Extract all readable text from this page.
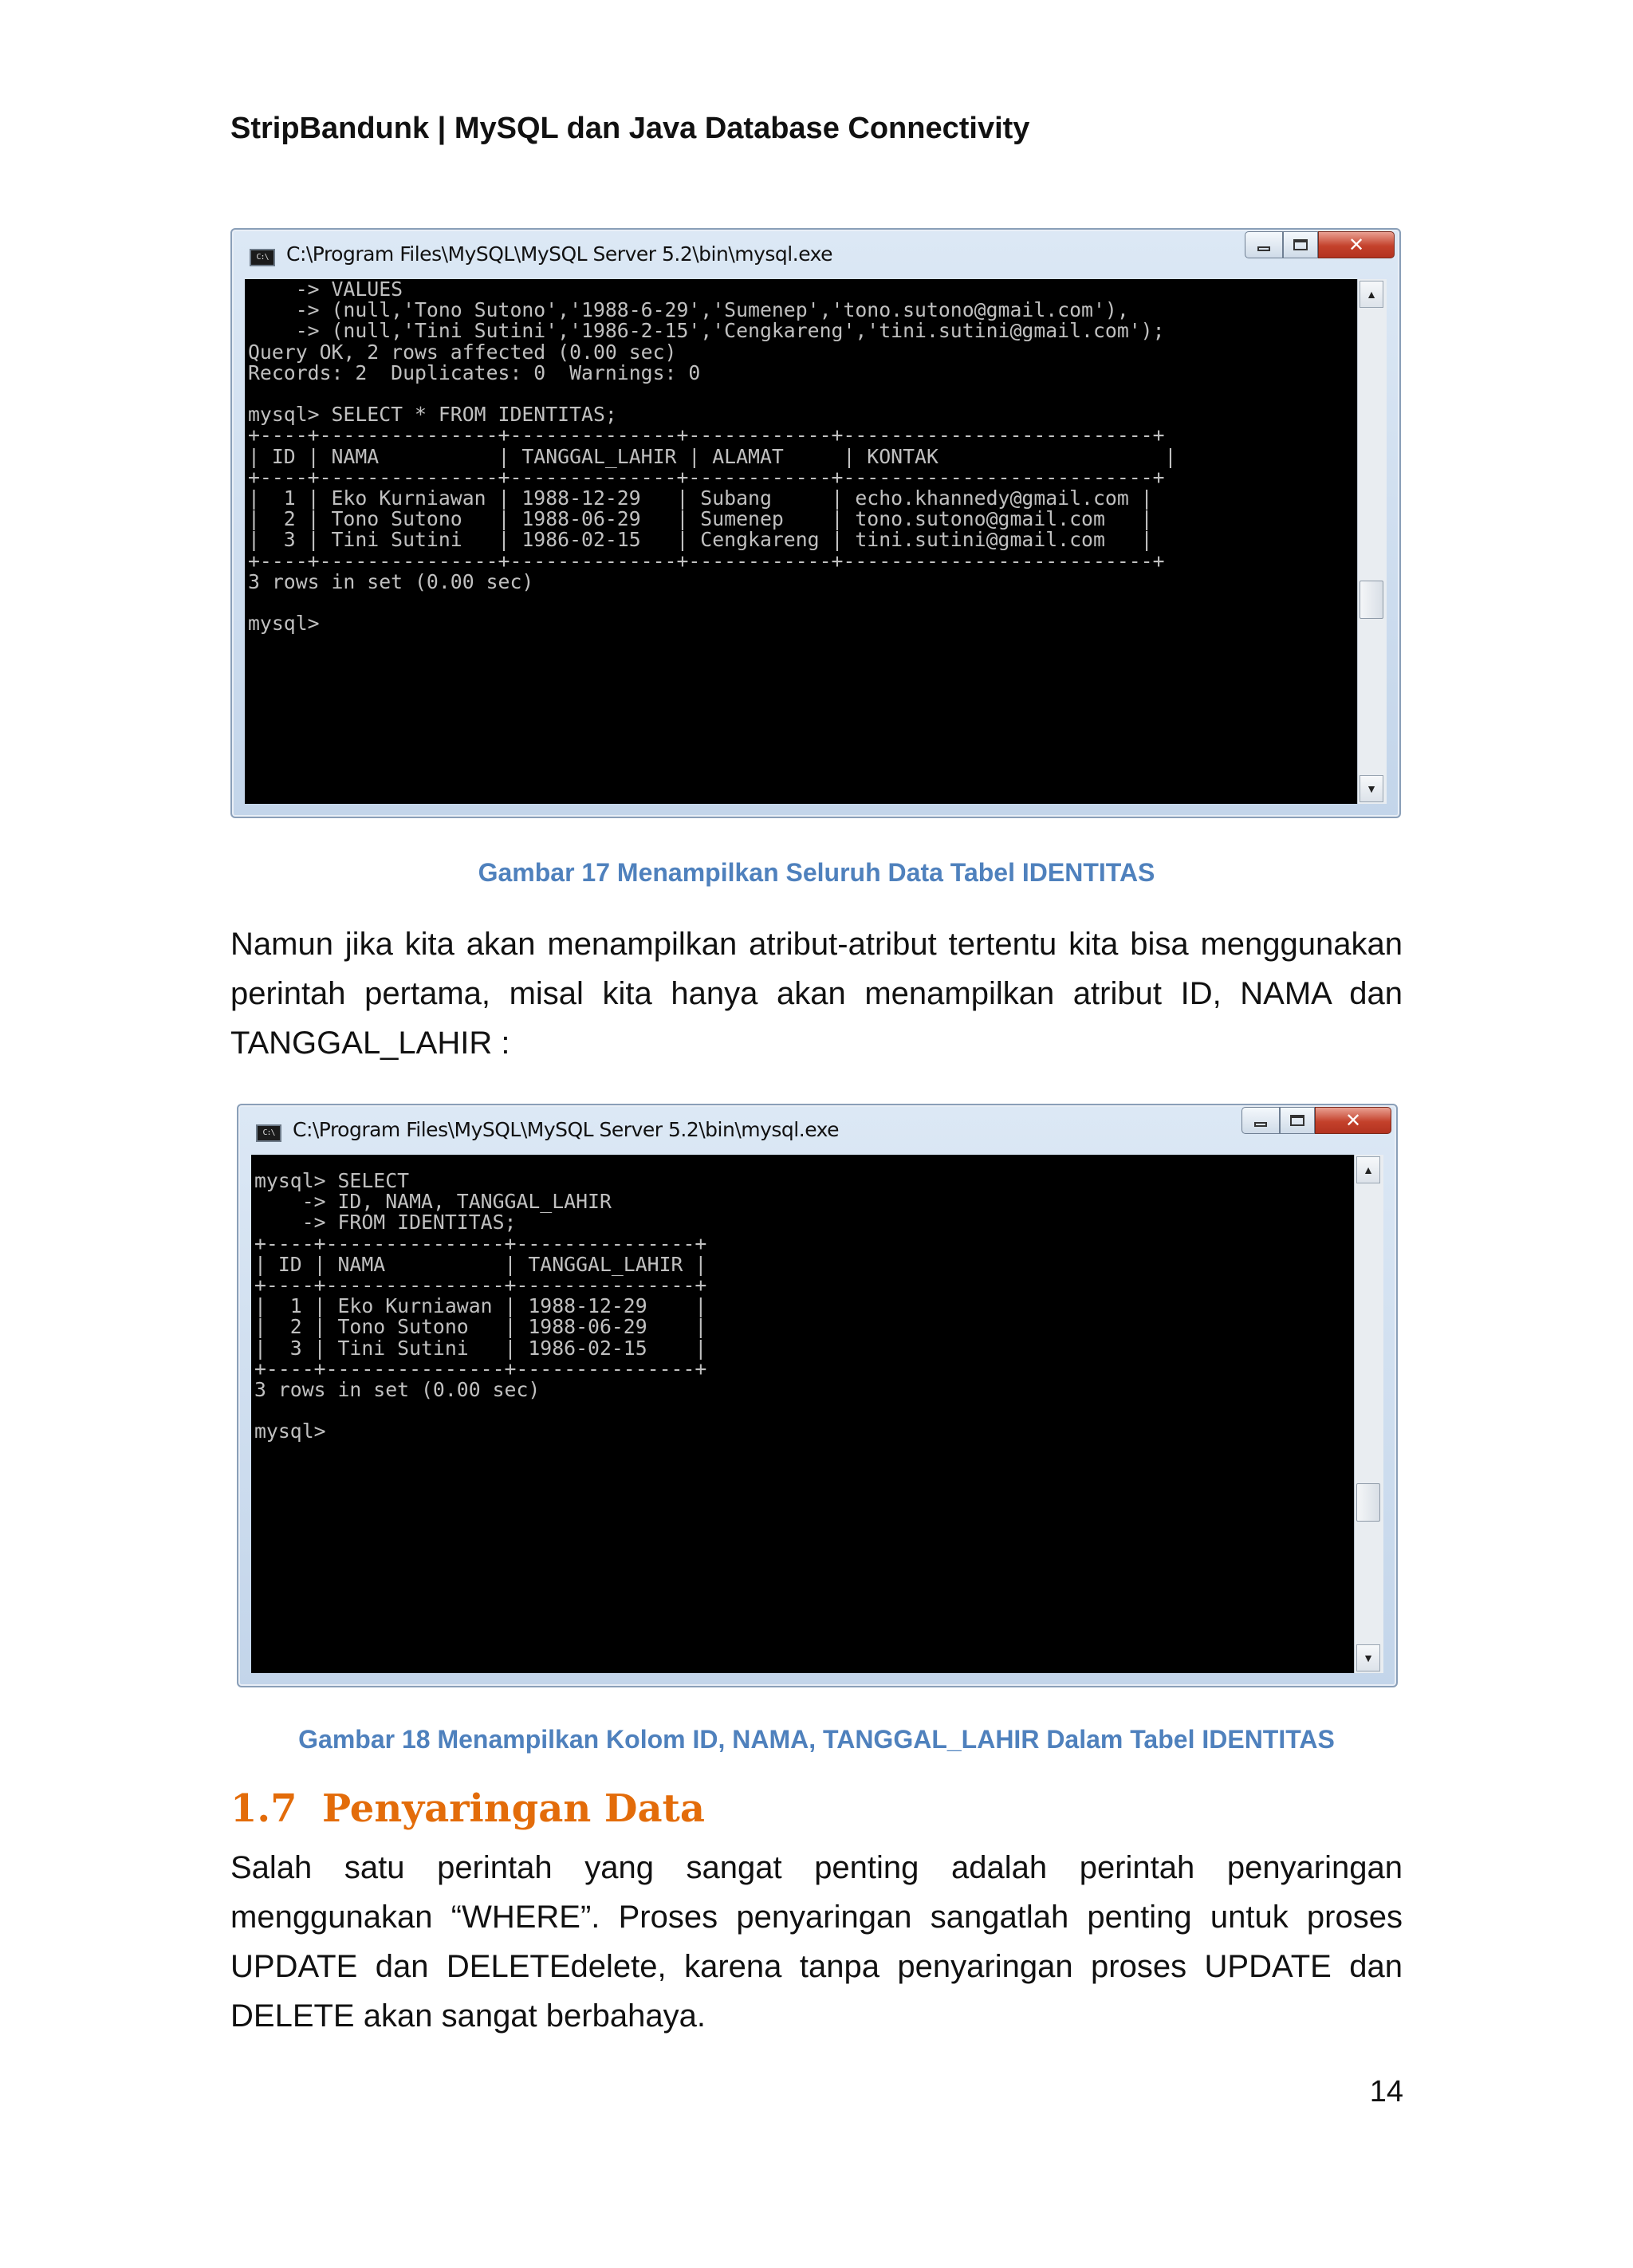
StripBandunk | MySQL dan Java Database Connectivity
C:\ C:\Program Files\MySQL\MySQL Server 5.2\bin\mysql.exe	✕
-> VALUES
-> (null,'Tono Sutono','1988-6-29','Sumenep','tono.sutono@gmail.com'),
-> (null,'Tini Sutini','1986-2-15','Cengkareng','tini.sutini@gmail.com');
Query OK, 2 rows affected (0.00 sec)
Records: 2  Duplicates: 0  Warnings: 0

mysql> SELECT * FROM IDENTITAS;
+----+---------------+--------------+------------+--------------------------+
| ID | NAMA          | TANGGAL_LAHIR | ALAMAT     | KONTAK                   |
+----+---------------+--------------+------------+--------------------------+
|  1 | Eko Kurniawan | 1988-12-29   | Subang     | echo.khannedy@gmail.com |
|  2 | Tono Sutono   | 1988-06-29   | Sumenep    | tono.sutono@gmail.com   |
|  3 | Tini Sutini   | 1986-02-15   | Cengkareng | tini.sutini@gmail.com   |
+----+---------------+--------------+------------+--------------------------+
3 rows in set (0.00 sec)

mysql>
▲
▼
Gambar 17 Menampilkan Seluruh Data Tabel IDENTITAS

Namun jika kita akan menampilkan atribut-atribut tertentu kita bisa menggunakan perintah pertama, misal kita hanya akan menampilkan atribut ID, NAMA dan TANGGAL_LAHIR :

C:\ C:\Program Files\MySQL\MySQL Server 5.2\bin\mysql.exe	✕
mysql> SELECT
-> ID, NAMA, TANGGAL_LAHIR
-> FROM IDENTITAS;
+----+---------------+---------------+
| ID | NAMA          | TANGGAL_LAHIR |
+----+---------------+---------------+
|  1 | Eko Kurniawan | 1988-12-29    |
|  2 | Tono Sutono   | 1988-06-29    |
|  3 | Tini Sutini   | 1986-02-15    |
+----+---------------+---------------+
3 rows in set (0.00 sec)

mysql>
▲
▼
Gambar 18 Menampilkan Kolom ID, NAMA, TANGGAL_LAHIR Dalam Tabel IDENTITAS
1.7 Penyaringan Data

Salah satu perintah yang sangat penting adalah perintah penyaringan menggunakan “WHERE”. Proses penyaringan sangatlah penting untuk proses UPDATE dan DELETEdelete, karena tanpa penyaringan proses UPDATE dan DELETE akan sangat berbahaya.

14
